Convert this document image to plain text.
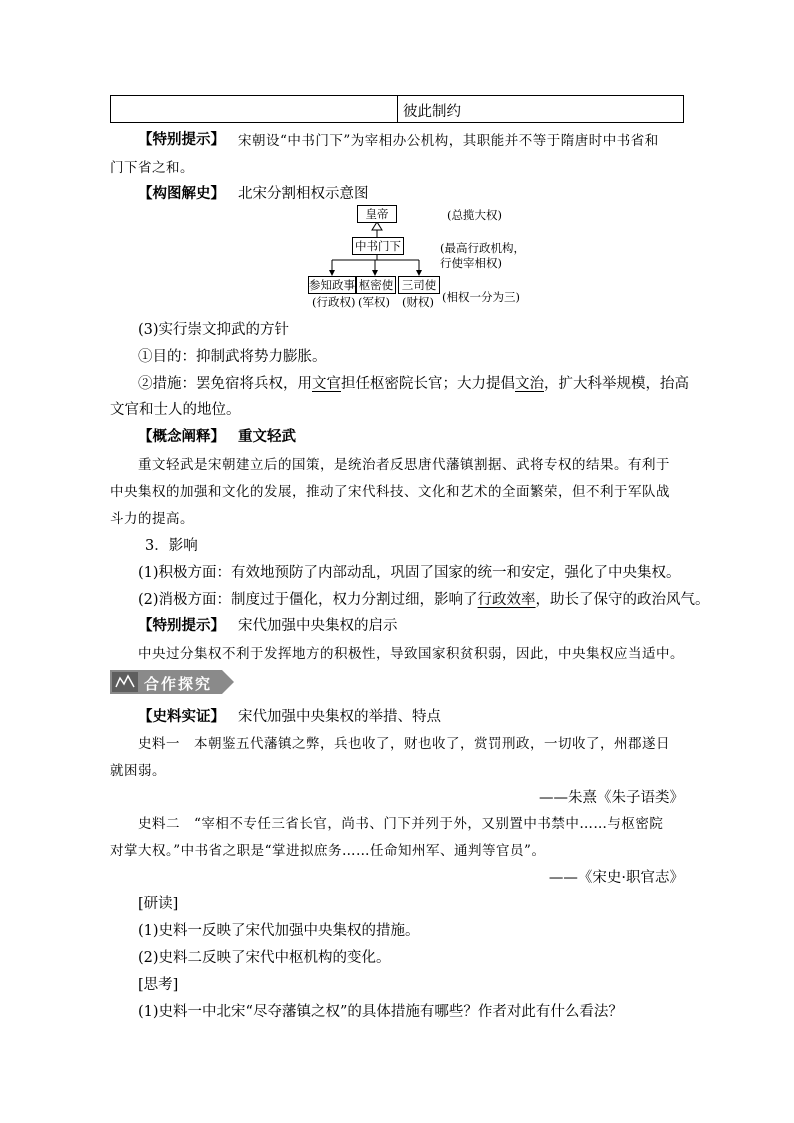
彼此制约
【特别提示】 宋朝设“中书门下”为宰相办公机构，其职能并不等于隋唐时中书省和
门下省之和。
【构图解史】 北宋分割相权示意图
皇帝
中书门下
参知政事 枢密使 三司使
(行政权) (军权) (财权)
(总揽大权)
(最高行政机构，
行使宰相权)
(相权一分为三)
(3)实行崇文抑武的方针
①目的：抑制武将势力膨胀。
②措施：罢免宿将兵权，用文官担任枢密院长官；大力提倡文治，扩大科举规模，抬高
文官和士人的地位。
【概念阐释】 重文轻武
重文轻武是宋朝建立后的国策，是统治者反思唐代藩镇割据、武将专权的结果。有利于
中央集权的加强和文化的发展，推动了宋代科技、文化和艺术的全面繁荣，但不利于军队战
斗力的提高。
3．影响
(1)积极方面：有效地预防了内部动乱，巩固了国家的统一和安定，强化了中央集权。
(2)消极方面：制度过于僵化，权力分割过细，影响了行政效率，助长了保守的政治风气。
【特别提示】 宋代加强中央集权的启示
中央过分集权不利于发挥地方的积极性，导致国家积贫积弱，因此，中央集权应当适中。
合作探究
【史料实证】 宋代加强中央集权的举措、特点
史料一　本朝鉴五代藩镇之弊，兵也收了，财也收了，赏罚刑政，一切收了，州郡遂日
就困弱。
——朱熹《朱子语类》
史料二　“宰相不专任三省长官，尚书、门下并列于外，又别置中书禁中……与枢密院
对掌大权。”中书省之职是“掌进拟庶务……任命知州军、通判等官员”。
——《宋史·职官志》
[研读]
(1)史料一反映了宋代加强中央集权的措施。
(2)史料二反映了宋代中枢机构的变化。
[思考]
(1)史料一中北宋“尽夺藩镇之权”的具体措施有哪些？作者对此有什么看法？
